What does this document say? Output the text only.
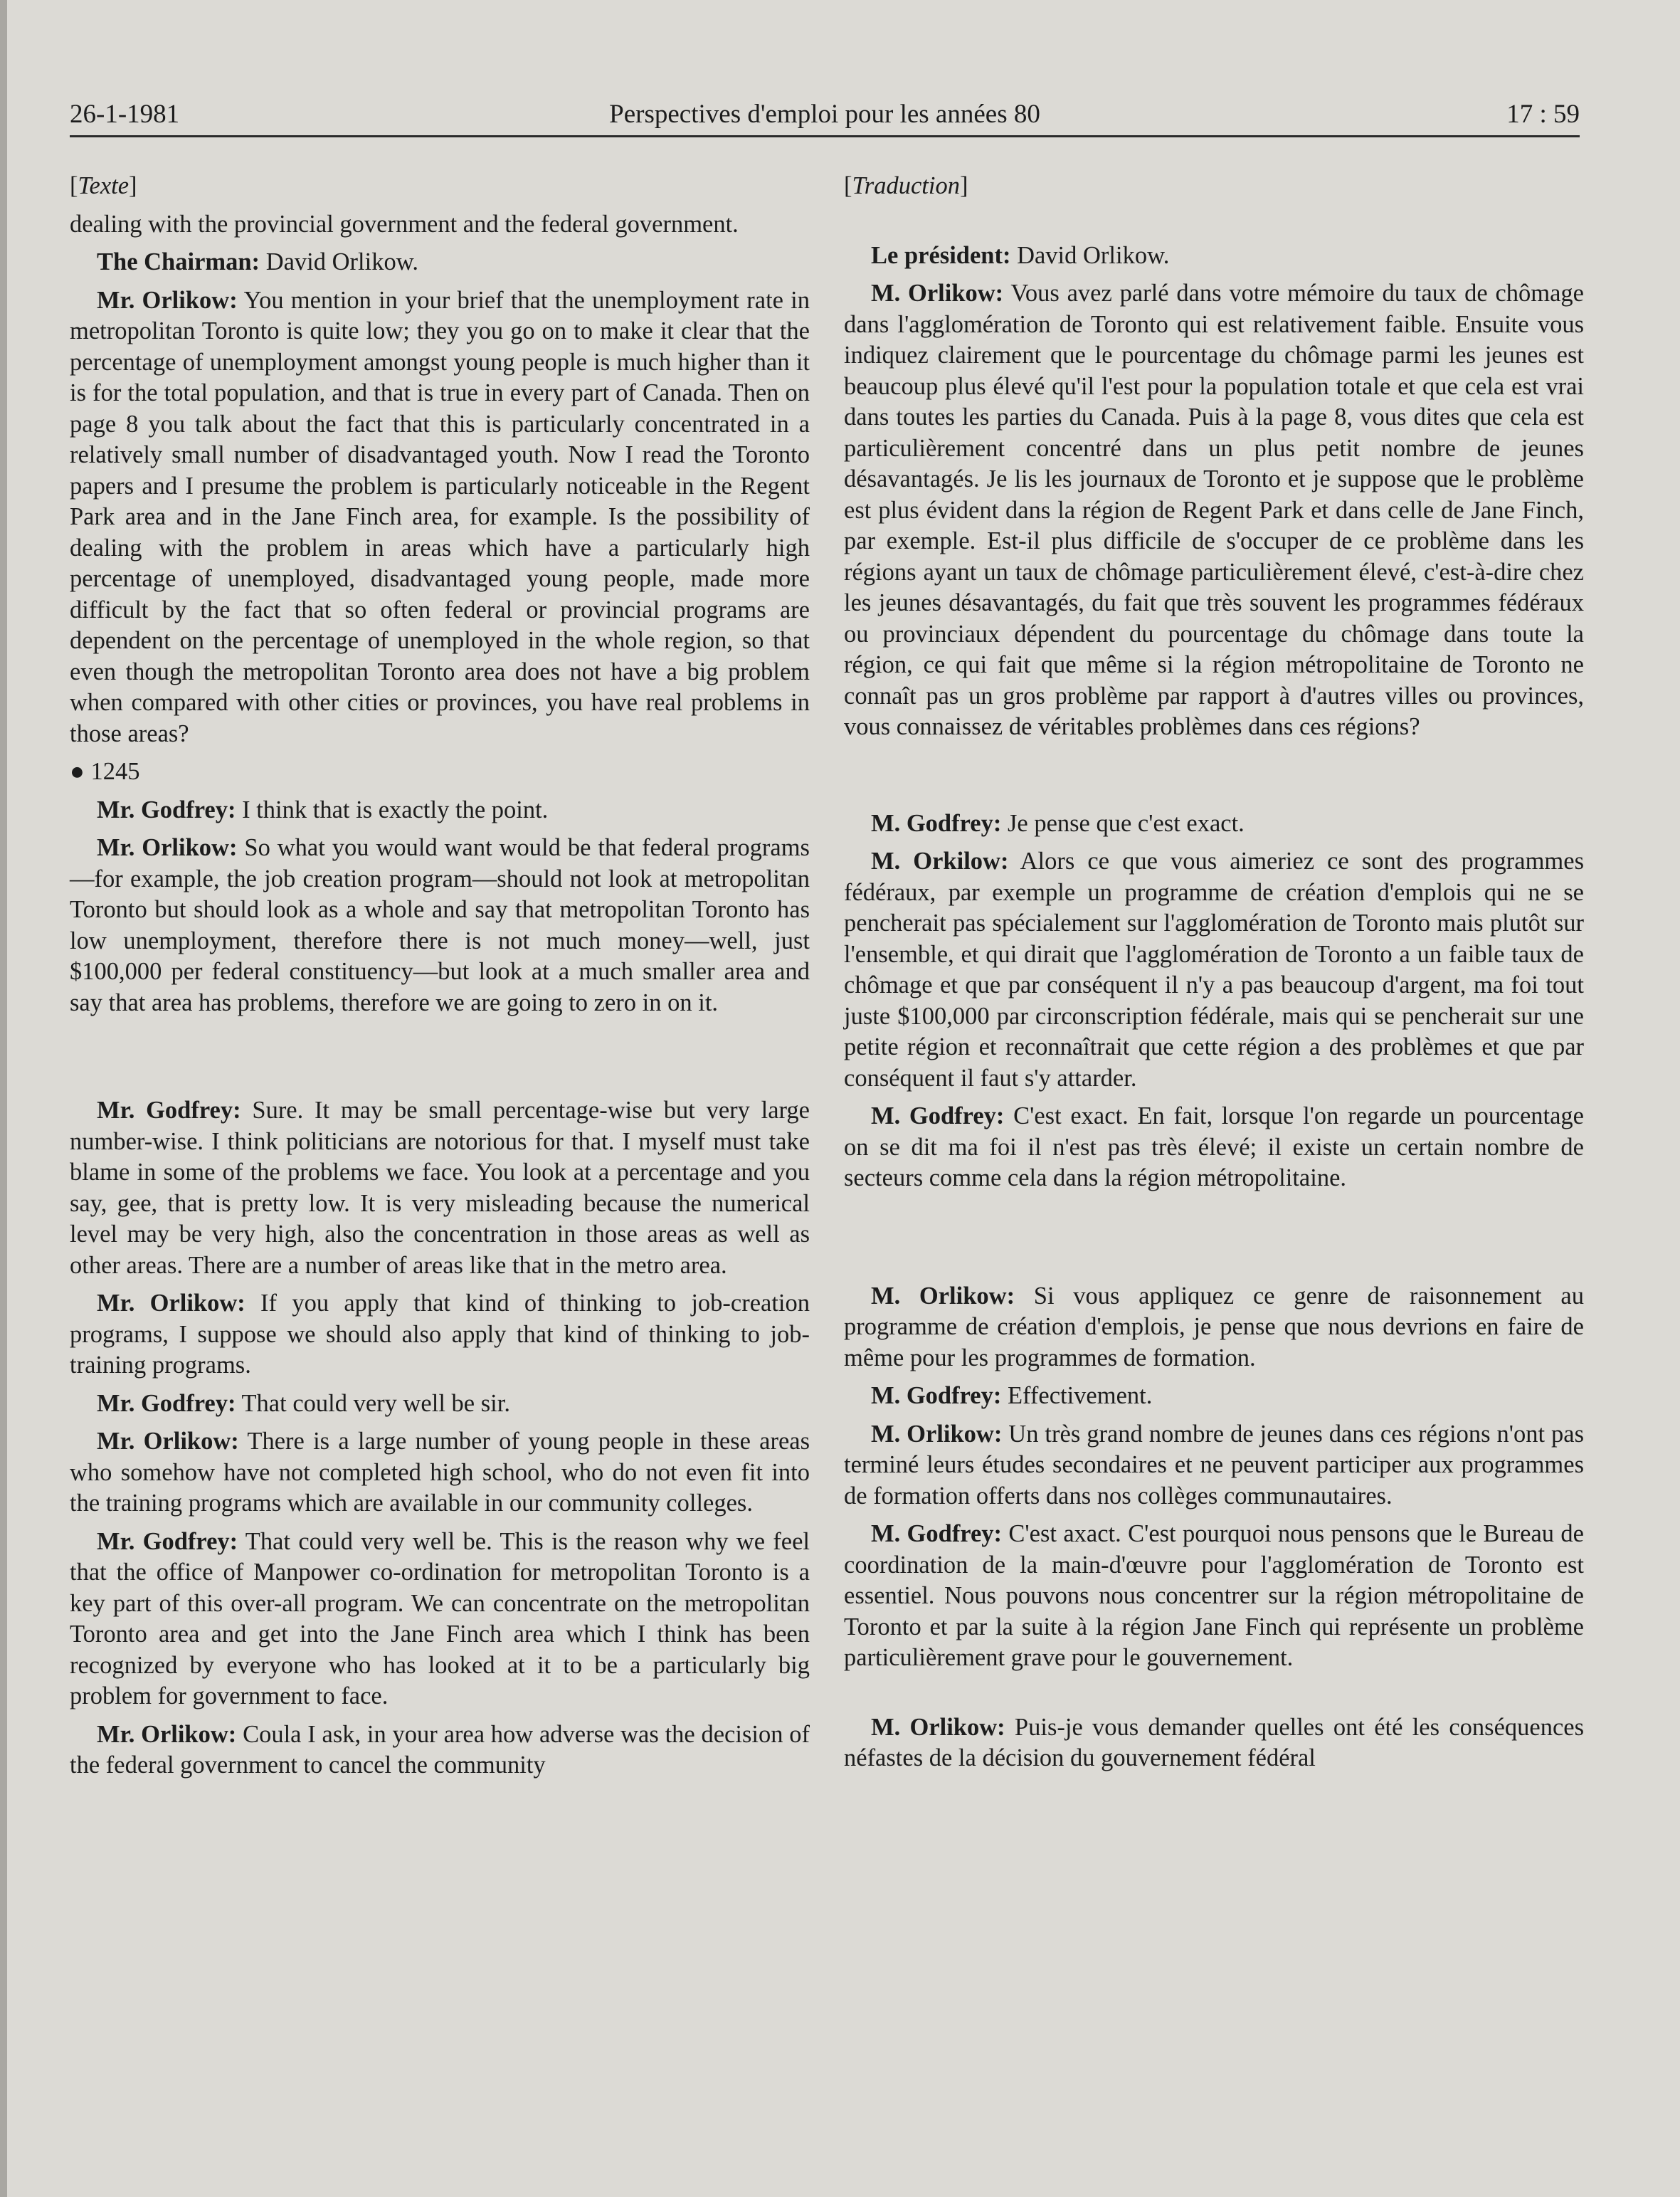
26-1-1981	Perspectives d'emploi pour les années 80	17 : 59

[Texte]

dealing with the provincial government and the federal government.

The Chairman: David Orlikow.

Mr. Orlikow: You mention in your brief that the unemployment rate in metropolitan Toronto is quite low; they you go on to make it clear that the percentage of unemployment amongst young people is much higher than it is for the total population, and that is true in every part of Canada. Then on page 8 you talk about the fact that this is particularly concentrated in a relatively small number of disadvantaged youth. Now I read the Toronto papers and I presume the problem is particularly noticeable in the Regent Park area and in the Jane Finch area, for example. Is the possibility of dealing with the problem in areas which have a particularly high percentage of unemployed, disadvantaged young people, made more difficult by the fact that so often federal or provincial programs are dependent on the percentage of unemployed in the whole region, so that even though the metropolitan Toronto area does not have a big problem when compared with other cities or provinces, you have real problems in those areas?

● 1245

Mr. Godfrey: I think that is exactly the point.

Mr. Orlikow: So what you would want would be that federal programs—for example, the job creation program—should not look at metropolitan Toronto but should look as a whole and say that metropolitan Toronto has low unemployment, therefore there is not much money—well, just $100,000 per federal constituency—but look at a much smaller area and say that area has problems, therefore we are going to zero in on it.

Mr. Godfrey: Sure. It may be small percentage-wise but very large number-wise. I think politicians are notorious for that. I myself must take blame in some of the problems we face. You look at a percentage and you say, gee, that is pretty low. It is very misleading because the numerical level may be very high, also the concentration in those areas as well as other areas. There are a number of areas like that in the metro area.

Mr. Orlikow: If you apply that kind of thinking to job-creation programs, I suppose we should also apply that kind of thinking to job-training programs.

Mr. Godfrey: That could very well be sir.

Mr. Orlikow: There is a large number of young people in these areas who somehow have not completed high school, who do not even fit into the training programs which are available in our community colleges.

Mr. Godfrey: That could very well be. This is the reason why we feel that the office of Manpower co-ordination for metropolitan Toronto is a key part of this over-all program. We can concentrate on the metropolitan Toronto area and get into the Jane Finch area which I think has been recognized by everyone who has looked at it to be a particularly big problem for government to face.

Mr. Orlikow: Coula I ask, in your area how adverse was the decision of the federal government to cancel the community

[Traduction]

Le président: David Orlikow.

M. Orlikow: Vous avez parlé dans votre mémoire du taux de chômage dans l'agglomération de Toronto qui est relativement faible. Ensuite vous indiquez clairement que le pourcentage du chômage parmi les jeunes est beaucoup plus élevé qu'il l'est pour la population totale et que cela est vrai dans toutes les parties du Canada. Puis à la page 8, vous dites que cela est particulièrement concentré dans un plus petit nombre de jeunes désavantagés. Je lis les journaux de Toronto et je suppose que le problème est plus évident dans la région de Regent Park et dans celle de Jane Finch, par exemple. Est-il plus difficile de s'occuper de ce problème dans les régions ayant un taux de chômage particulièrement élevé, c'est-à-dire chez les jeunes désavantagés, du fait que très souvent les programmes fédéraux ou provinciaux dépendent du pourcentage du chômage dans toute la région, ce qui fait que même si la région métropolitaine de Toronto ne connaît pas un gros problème par rapport à d'autres villes ou provinces, vous connaissez de véritables problèmes dans ces régions?

M. Godfrey: Je pense que c'est exact.

M. Orkilow: Alors ce que vous aimeriez ce sont des programmes fédéraux, par exemple un programme de création d'emplois qui ne se pencherait pas spécialement sur l'agglomération de Toronto mais plutôt sur l'ensemble, et qui dirait que l'agglomération de Toronto a un faible taux de chômage et que par conséquent il n'y a pas beaucoup d'argent, ma foi tout juste $100,000 par circonscription fédérale, mais qui se pencherait sur une petite région et reconnaîtrait que cette région a des problèmes et que par conséquent il faut s'y attarder.

M. Godfrey: C'est exact. En fait, lorsque l'on regarde un pourcentage on se dit ma foi il n'est pas très élevé; il existe un certain nombre de secteurs comme cela dans la région métropolitaine.

M. Orlikow: Si vous appliquez ce genre de raisonnement au programme de création d'emplois, je pense que nous devrions en faire de même pour les programmes de formation.

M. Godfrey: Effectivement.

M. Orlikow: Un très grand nombre de jeunes dans ces régions n'ont pas terminé leurs études secondaires et ne peuvent participer aux programmes de formation offerts dans nos collèges communautaires.

M. Godfrey: C'est axact. C'est pourquoi nous pensons que le Bureau de coordination de la main-d'œuvre pour l'agglomération de Toronto est essentiel. Nous pouvons nous concentrer sur la région métropolitaine de Toronto et par la suite à la région Jane Finch qui représente un problème particulièrement grave pour le gouvernement.

M. Orlikow: Puis-je vous demander quelles ont été les conséquences néfastes de la décision du gouvernement fédéral
